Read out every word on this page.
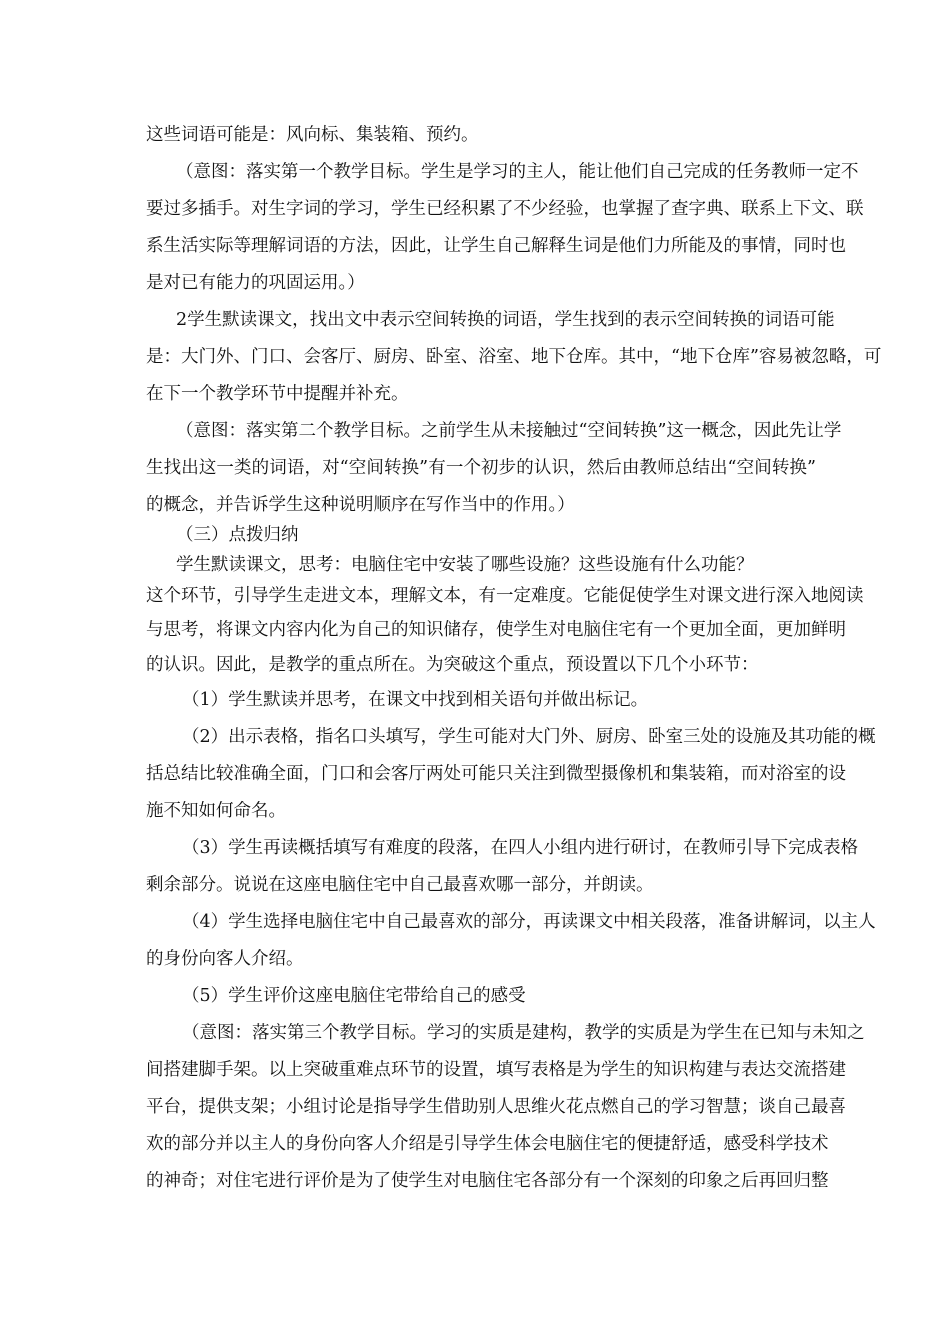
这些词语可能是：风向标、集装箱、预约。
（意图：落实第一个教学目标。学生是学习的主人，能让他们自己完成的任务教师一定不
要过多插手。对生字词的学习，学生已经积累了不少经验，也掌握了查字典、联系上下文、联
系生活实际等理解词语的方法，因此，让学生自己解释生词是他们力所能及的事情，同时也
是对已有能力的巩固运用。）
2学生默读课文，找出文中表示空间转换的词语，学生找到的表示空间转换的词语可能
是：大门外、门口、会客厅、厨房、卧室、浴室、地下仓库。其中，“地下仓库”容易被忽略，可
在下一个教学环节中提醒并补充。
（意图：落实第二个教学目标。之前学生从未接触过“空间转换”这一概念，因此先让学
生找出这一类的词语，对“空间转换”有一个初步的认识，然后由教师总结出“空间转换”
的概念，并告诉学生这种说明顺序在写作当中的作用。）
（三）点拨归纳
学生默读课文，思考：电脑住宅中安装了哪些设施？这些设施有什么功能？
这个环节，引导学生走进文本，理解文本，有一定难度。它能促使学生对课文进行深入地阅读
与思考，将课文内容内化为自己的知识储存，使学生对电脑住宅有一个更加全面，更加鲜明
的认识。因此，是教学的重点所在。为突破这个重点，预设置以下几个小环节：
（1）学生默读并思考，在课文中找到相关语句并做出标记。
（2）出示表格，指名口头填写，学生可能对大门外、厨房、卧室三处的设施及其功能的概
括总结比较准确全面，门口和会客厅两处可能只关注到微型摄像机和集装箱，而对浴室的设
施不知如何命名。
（3）学生再读概括填写有难度的段落，在四人小组内进行研讨，在教师引导下完成表格
剩余部分。说说在这座电脑住宅中自己最喜欢哪一部分，并朗读。
（4）学生选择电脑住宅中自己最喜欢的部分，再读课文中相关段落，准备讲解词，以主人
的身份向客人介绍。
（5）学生评价这座电脑住宅带给自己的感受
（意图：落实第三个教学目标。学习的实质是建构，教学的实质是为学生在已知与未知之
间搭建脚手架。以上突破重难点环节的设置，填写表格是为学生的知识构建与表达交流搭建
平台，提供支架；小组讨论是指导学生借助别人思维火花点燃自己的学习智慧；谈自己最喜
欢的部分并以主人的身份向客人介绍是引导学生体会电脑住宅的便捷舒适，感受科学技术
的神奇；对住宅进行评价是为了使学生对电脑住宅各部分有一个深刻的印象之后再回归整
